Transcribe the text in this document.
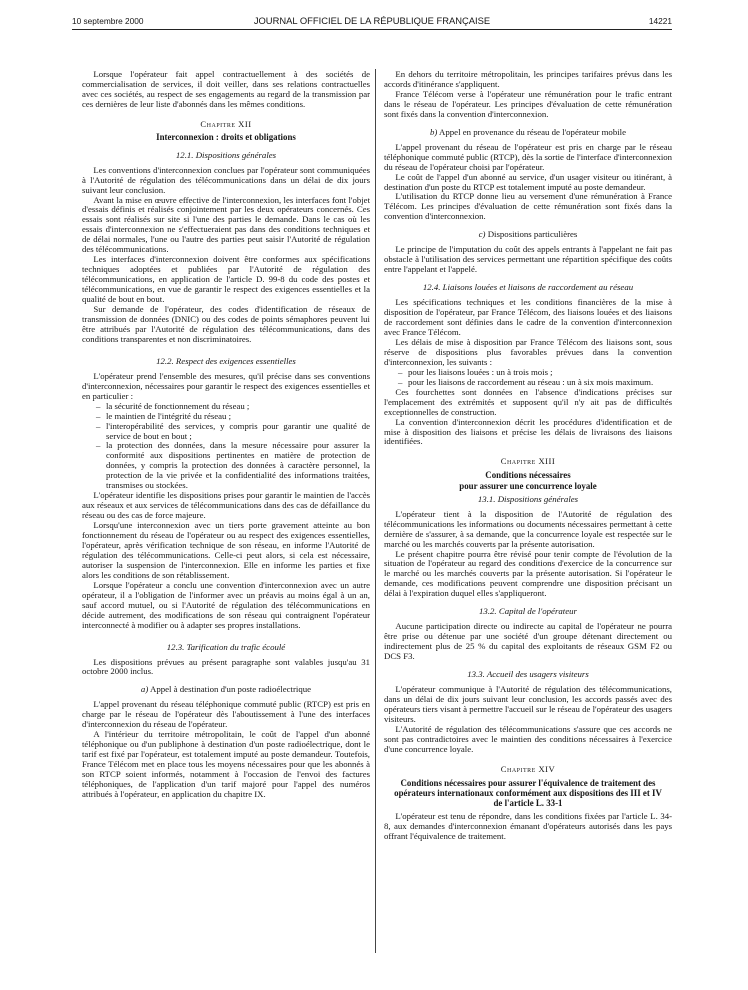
10 septembre 2000	JOURNAL OFFICIEL DE LA RÉPUBLIQUE FRANÇAISE	14221

Lorsque l'opérateur fait appel contractuellement à des sociétés de commercialisation de services, il doit veiller, dans ses relations contractuelles avec ces sociétés, au respect de ses engagements au regard de la transmission par ces dernières de leur liste d'abonnés dans les mêmes conditions.

Chapitre XII
Interconnexion : droits et obligations
12.1. Dispositions générales

Les conventions d'interconnexion conclues par l'opérateur sont communiquées à l'Autorité de régulation des télécommunications dans un délai de dix jours suivant leur conclusion.

Avant la mise en œuvre effective de l'interconnexion, les interfaces font l'objet d'essais définis et réalisés conjointement par les deux opérateurs concernés. Ces essais sont réalisés sur site si l'une des parties le demande. Dans le cas où les essais d'interconnexion ne s'effectueraient pas dans des conditions techniques et de délai normales, l'une ou l'autre des parties peut saisir l'Autorité de régulation des télécommunications.

Les interfaces d'interconnexion doivent être conformes aux spécifications techniques adoptées et publiées par l'Autorité de régulation des télécommunications, en application de l'article D. 99-8 du code des postes et télécommunications, en vue de garantir le respect des exigences essentielles et la qualité de bout en bout.

Sur demande de l'opérateur, des codes d'identification de réseaux de transmission de données (DNIC) ou des codes de points sémaphores peuvent lui être attribués par l'Autorité de régulation des télécommunications, dans des conditions transparentes et non discriminatoires.

12.2. Respect des exigences essentielles

L'opérateur prend l'ensemble des mesures, qu'il précise dans ses conventions d'interconnexion, nécessaires pour garantir le respect des exigences essentielles et en particulier :

– la sécurité de fonctionnement du réseau ;
– le maintien de l'intégrité du réseau ;
– l'interopérabilité des services, y compris pour garantir une qualité de service de bout en bout ;
– la protection des données, dans la mesure nécessaire pour assurer la conformité aux dispositions pertinentes en matière de protection de données, y compris la protection des données à caractère personnel, la protection de la vie privée et la confidentialité des informations traitées, transmises ou stockées.

L'opérateur identifie les dispositions prises pour garantir le maintien de l'accès aux réseaux et aux services de télécommunications dans des cas de défaillance du réseau ou des cas de force majeure.

Lorsqu'une interconnexion avec un tiers porte gravement atteinte au bon fonctionnement du réseau de l'opérateur ou au respect des exigences essentielles, l'opérateur, après vérification technique de son réseau, en informe l'Autorité de régulation des télécommunications. Celle-ci peut alors, si cela est nécessaire, autoriser la suspension de l'interconnexion. Elle en informe les parties et fixe alors les conditions de son rétablissement.

Lorsque l'opérateur a conclu une convention d'interconnexion avec un autre opérateur, il a l'obligation de l'informer avec un préavis au moins égal à un an, sauf accord mutuel, ou si l'Autorité de régulation des télécommunications en décide autrement, des modifications de son réseau qui contraignent l'opérateur interconnecté à modifier ou à adapter ses propres installations.

12.3. Tarification du trafic écoulé

Les dispositions prévues au présent paragraphe sont valables jusqu'au 31 octobre 2000 inclus.

a) Appel à destination d'un poste radioélectrique

L'appel provenant du réseau téléphonique commuté public (RTCP) est pris en charge par le réseau de l'opérateur dès l'aboutissement à l'une des interfaces d'interconnexion du réseau de l'opérateur.

A l'intérieur du territoire métropolitain, le coût de l'appel d'un abonné téléphonique ou d'un publiphone à destination d'un poste radioélectrique, dont le tarif est fixé par l'opérateur, est totalement imputé au poste demandeur. Toutefois, France Télécom met en place tous les moyens nécessaires pour que les abonnés à son RTCP soient informés, notamment à l'occasion de l'envoi des factures téléphoniques, de l'application d'un tarif majoré pour l'appel des numéros attribués à l'opérateur, en application du chapitre IX.

En dehors du territoire métropolitain, les principes tarifaires prévus dans les accords d'itinérance s'appliquent.

France Télécom verse à l'opérateur une rémunération pour le trafic entrant dans le réseau de l'opérateur. Les principes d'évaluation de cette rémunération sont fixés dans la convention d'interconnexion.

b) Appel en provenance du réseau de l'opérateur mobile

L'appel provenant du réseau de l'opérateur est pris en charge par le réseau téléphonique commuté public (RTCP), dès la sortie de l'interface d'interconnexion du réseau de l'opérateur choisi par l'opérateur.

Le coût de l'appel d'un abonné au service, d'un usager visiteur ou itinérant, à destination d'un poste du RTCP est totalement imputé au poste demandeur.

L'utilisation du RTCP donne lieu au versement d'une rémunération à France Télécom. Les principes d'évaluation de cette rémunération sont fixés dans la convention d'interconnexion.

c) Dispositions particulières

Le principe de l'imputation du coût des appels entrants à l'appelant ne fait pas obstacle à l'utilisation des services permettant une répartition spécifique des coûts entre l'appelant et l'appelé.

12.4. Liaisons louées et liaisons de raccordement au réseau

Les spécifications techniques et les conditions financières de la mise à disposition de l'opérateur, par France Télécom, des liaisons louées et des liaisons de raccordement sont définies dans le cadre de la convention d'interconnexion avec France Télécom.

Les délais de mise à disposition par France Télécom des liaisons sont, sous réserve de dispositions plus favorables prévues dans la convention d'interconnexion, les suivants :

– pour les liaisons louées : un à trois mois ;
– pour les liaisons de raccordement au réseau : un à six mois maximum.

Ces fourchettes sont données en l'absence d'indications précises sur l'emplacement des extrémités et supposent qu'il n'y ait pas de difficultés exceptionnelles de construction.

La convention d'interconnexion décrit les procédures d'identification et de mise à disposition des liaisons et précise les délais de livraisons des liaisons identifiées.

Chapitre XIII
Conditions nécessaires
pour assurer une concurrence loyale
13.1. Dispositions générales

L'opérateur tient à la disposition de l'Autorité de régulation des télécommunications les informations ou documents nécessaires permettant à cette dernière de s'assurer, à sa demande, que la concurrence loyale est respectée sur le marché ou les marchés couverts par la présente autorisation.

Le présent chapitre pourra être révisé pour tenir compte de l'évolution de la situation de l'opérateur au regard des conditions d'exercice de la concurrence sur le marché ou les marchés couverts par la présente autorisation. Si l'opérateur le demande, ces modifications peuvent comprendre une disposition précisant un délai à l'expiration duquel elles s'appliqueront.

13.2. Capital de l'opérateur

Aucune participation directe ou indirecte au capital de l'opérateur ne pourra être prise ou détenue par une société d'un groupe détenant directement ou indirectement plus de 25 % du capital des exploitants de réseaux GSM F2 ou DCS F3.

13.3. Accueil des usagers visiteurs

L'opérateur communique à l'Autorité de régulation des télécommunications, dans un délai de dix jours suivant leur conclusion, les accords passés avec des opérateurs tiers visant à permettre l'accueil sur le réseau de l'opérateur des usagers visiteurs.

L'Autorité de régulation des télécommunications s'assure que ces accords ne sont pas contradictoires avec le maintien des conditions nécessaires à l'exercice d'une concurrence loyale.

Chapitre XIV
Conditions nécessaires pour assurer l'équivalence de traitement des opérateurs internationaux conformément aux dispositions des III et IV de l'article L. 33-1

L'opérateur est tenu de répondre, dans les conditions fixées par l'article L. 34-8, aux demandes d'interconnexion émanant d'opérateurs autorisés dans les pays offrant l'équivalence de traitement.
